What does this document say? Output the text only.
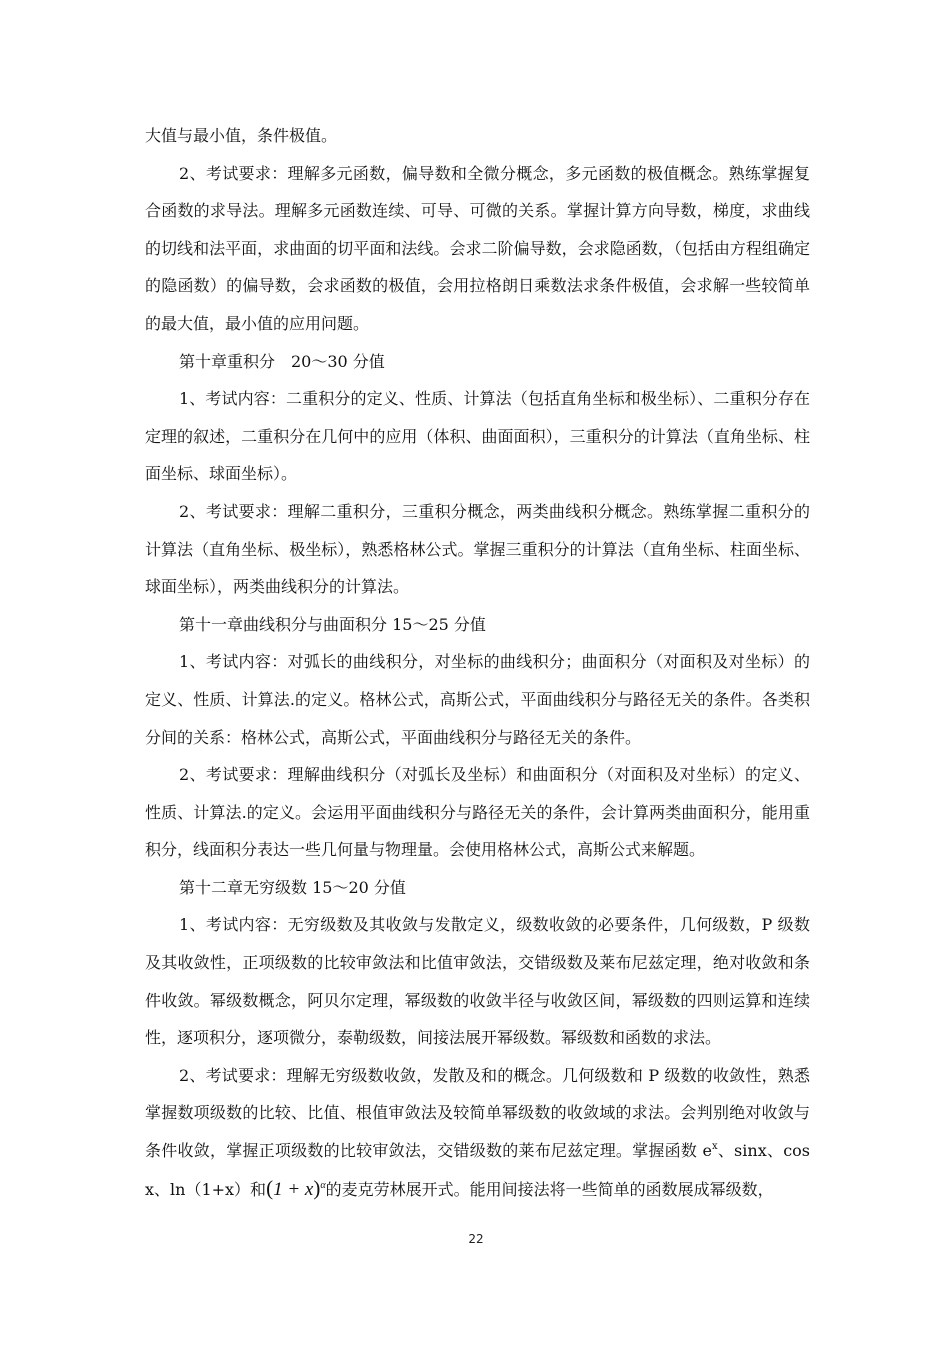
大值与最小值，条件极值。

2、考试要求：理解多元函数，偏导数和全微分概念，多元函数的极值概念。熟练掌握复合函数的求导法。理解多元函数连续、可导、可微的关系。掌握计算方向导数，梯度，求曲线的切线和法平面，求曲面的切平面和法线。会求二阶偏导数，会求隐函数，（包括由方程组确定的隐函数）的偏导数，会求函数的极值，会用拉格朗日乘数法求条件极值，会求解一些较简单的最大值，最小值的应用问题。

第十章重积分　20～30 分值

1、考试内容：二重积分的定义、性质、计算法（包括直角坐标和极坐标）、二重积分存在定理的叙述，二重积分在几何中的应用（体积、曲面面积），三重积分的计算法（直角坐标、柱面坐标、球面坐标）。

2、考试要求：理解二重积分，三重积分概念，两类曲线积分概念。熟练掌握二重积分的计算法（直角坐标、极坐标），熟悉格林公式。掌握三重积分的计算法（直角坐标、柱面坐标、球面坐标），两类曲线积分的计算法。

第十一章曲线积分与曲面积分 15～25 分值

1、考试内容：对弧长的曲线积分，对坐标的曲线积分；曲面积分（对面积及对坐标）的定义、性质、计算法.的定义。格林公式，高斯公式，平面曲线积分与路径无关的条件。各类积分间的关系：格林公式，高斯公式，平面曲线积分与路径无关的条件。

2、考试要求：理解曲线积分（对弧长及坐标）和曲面积分（对面积及对坐标）的定义、性质、计算法.的定义。会运用平面曲线积分与路径无关的条件，会计算两类曲面积分，能用重积分，线面积分表达一些几何量与物理量。会使用格林公式，高斯公式来解题。

第十二章无穷级数 15～20 分值

1、考试内容：无穷级数及其收敛与发散定义，级数收敛的必要条件，几何级数，P 级数及其收敛性，正项级数的比较审敛法和比值审敛法，交错级数及莱布尼兹定理，绝对收敛和条件收敛。幂级数概念，阿贝尔定理，幂级数的收敛半径与收敛区间，幂级数的四则运算和连续性，逐项积分，逐项微分，泰勒级数，间接法展开幂级数。幂级数和函数的求法。

2、考试要求：理解无穷级数收敛，发散及和的概念。几何级数和 P 级数的收敛性，熟悉掌握数项级数的比较、比值、根值审敛法及较简单幂级数的收敛域的求法。会判别绝对收敛与条件收敛，掌握正项级数的比较审敛法，交错级数的莱布尼兹定理。掌握函数 $e^x$、sinx、cosx、ln（1+x）和$(1 + x)^\alpha$的麦克劳林展开式。能用间接法将一些简单的函数展成幂级数，

22
